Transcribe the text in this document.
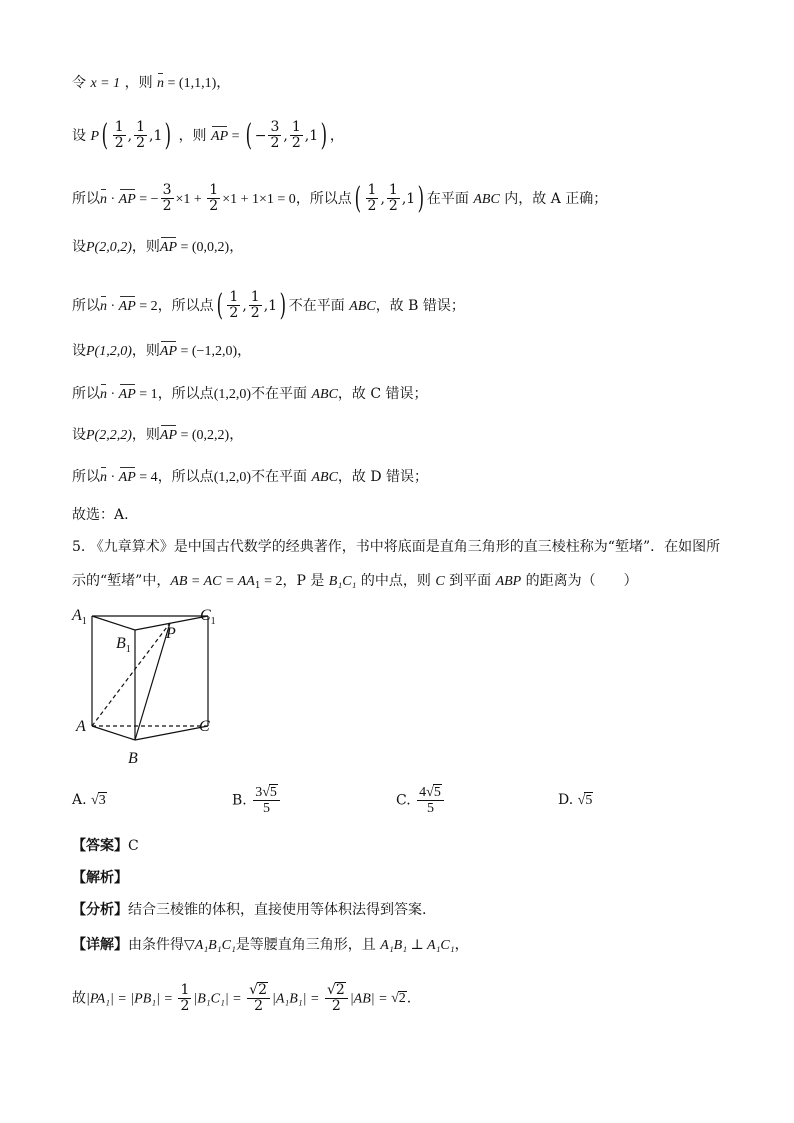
令 x = 1 ，则 n = (1,1,1)，
设 $P( \frac{1}{2}$ , $\frac{1}{2} ,1$) ，则 AP = ( − $\frac{3}{2}$ , $\frac{1}{2} ,1$) ，
所以n · AP = − $\frac{3}{2} \times 1 + \frac{1}{2} \times 1 + 1\times 1 = 0$，所以点( $\frac{1}{2}$ , $\frac{1}{2} ,1$) 在平面 ABC 内，故 A 正确；
设P(2,0,2)，则AP = (0,0,2)，
所以n · AP = 2，所以点( $\frac{1}{2}$ , $\frac{1}{2} ,1$) 不在平面 ABC，故 B 错误；
设P(1,2,0)，则AP = (−1,2,0)，
所以n · AP = 1，所以点(1,2,0)不在平面 ABC，故 C 错误；
设P(2,2,2)，则AP = (0,2,2)，
所以n · AP = 4，所以点(1,2,0)不在平面 ABC，故 D 错误；
故选：A.
5. 《九章算术》是中国古代数学的经典著作，书中将底面是直角三角形的直三棱柱称为“堑堵”．在如图所
示的“堑堵”中，AB = AC = $AA_1 = 2$，P 是 B₁C₁ 的中点，则 C 到平面 ABP 的距离为（　　）
$A_1$
$B_1$
$C_1$
P
A	C
B
A. √3	B. $\frac{3√5}{5}$	C. $\frac{4√5}{5}$	D. √5
【答案】C
【解析】
【分析】结合三棱锥的体积，直接使用等体积法得到答案.
【详解】由条件得▽A₁B₁C₁是等腰直角三角形，且 A₁B₁ ⊥ A₁C₁，
故$|PA_1| = |PB_1| = \frac{1}{2} |B_1C_1| = \frac{√2}{2} |A_1B_1| = \frac{√2}{2} |AB| = √2$.
